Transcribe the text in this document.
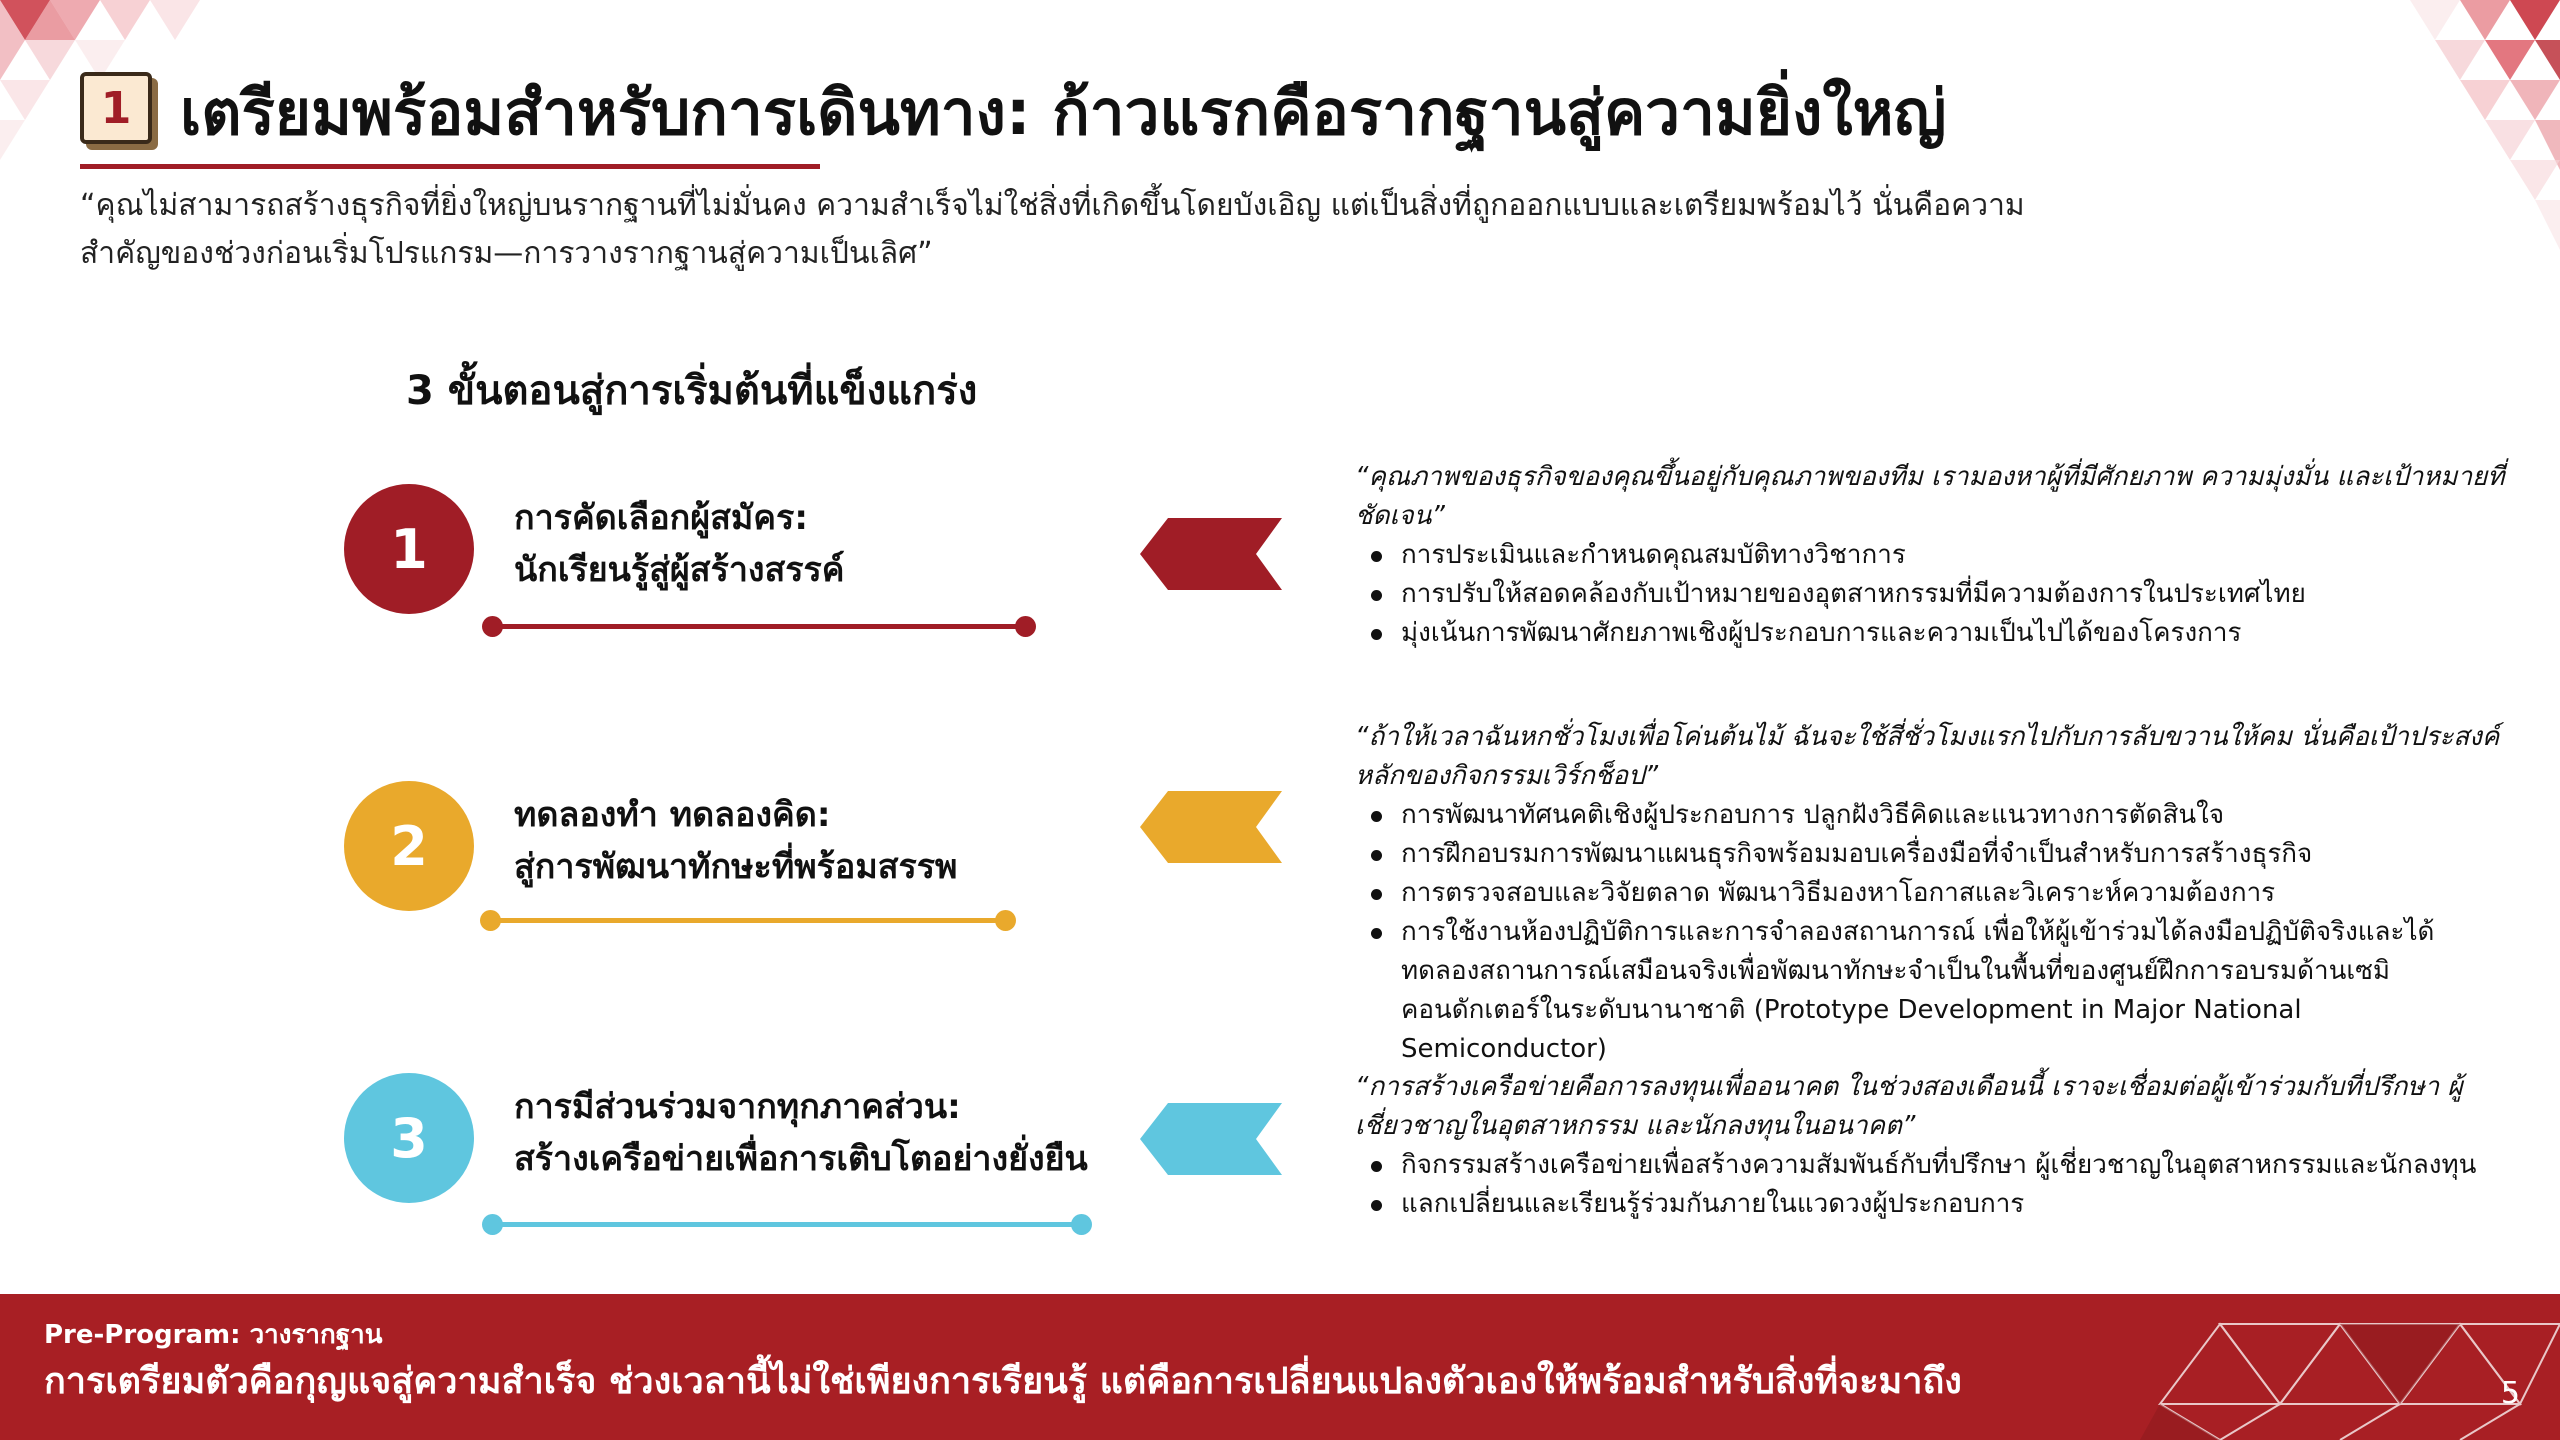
1 เตรียมพร้อมสำหรับการเดินทาง: ก้าวแรกคือรากฐานสู่ความยิ่งใหญ่

“คุณไม่สามารถสร้างธุรกิจที่ยิ่งใหญ่บนรากฐานที่ไม่มั่นคง ความสำเร็จไม่ใช่สิ่งที่เกิดขึ้นโดยบังเอิญ แต่เป็นสิ่งที่ถูกออกแบบและเตรียมพร้อมไว้ นั่นคือความสำคัญของช่วงก่อนเริ่มโปรแกรม—การวางรากฐานสู่ความเป็นเลิศ”

3 ขั้นตอนสู่การเริ่มต้นที่แข็งแกร่ง
1	การคัดเลือกผู้สมัคร:
นักเรียนรู้สู่ผู้สร้างสรรค์

“คุณภาพของธุรกิจของคุณขึ้นอยู่กับคุณภาพของทีม เรามองหาผู้ที่มีศักยภาพ ความมุ่งมั่น และเป้าหมายที่ชัดเจน”

การประเมินและกำหนดคุณสมบัติทางวิชาการ
การปรับให้สอดคล้องกับเป้าหมายของอุตสาหกรรมที่มีความต้องการในประเทศไทย
มุ่งเน้นการพัฒนาศักยภาพเชิงผู้ประกอบการและความเป็นไปได้ของโครงการ
2	ทดลองทำ ทดลองคิด:
สู่การพัฒนาทักษะที่พร้อมสรรพ

“ถ้าให้เวลาฉันหกชั่วโมงเพื่อโค่นต้นไม้ ฉันจะใช้สี่ชั่วโมงแรกไปกับการลับขวานให้คม นั่นคือเป้าประสงค์หลักของกิจกรรมเวิร์กช็อป”

การพัฒนาทัศนคติเชิงผู้ประกอบการ ปลูกฝังวิธีคิดและแนวทางการตัดสินใจ
การฝึกอบรมการพัฒนาแผนธุรกิจพร้อมมอบเครื่องมือที่จำเป็นสำหรับการสร้างธุรกิจ
การตรวจสอบและวิจัยตลาด พัฒนาวิธีมองหาโอกาสและวิเคราะห์ความต้องการ
การใช้งานห้องปฏิบัติการและการจำลองสถานการณ์ เพื่อให้ผู้เข้าร่วมได้ลงมือปฏิบัติจริงและได้ทดลองสถานการณ์เสมือนจริงเพื่อพัฒนาทักษะจำเป็นในพื้นที่ของศูนย์ฝึกการอบรมด้านเซมิคอนดักเตอร์ในระดับนานาชาติ (Prototype Development in Major National Semiconductor)
3	การมีส่วนร่วมจากทุกภาคส่วน:
สร้างเครือข่ายเพื่อการเติบโตอย่างยั่งยืน

“การสร้างเครือข่ายคือการลงทุนเพื่ออนาคต ในช่วงสองเดือนนี้ เราจะเชื่อมต่อผู้เข้าร่วมกับที่ปรึกษา ผู้เชี่ยวชาญในอุตสาหกรรม และนักลงทุนในอนาคต”

กิจกรรมสร้างเครือข่ายเพื่อสร้างความสัมพันธ์กับที่ปรึกษา ผู้เชี่ยวชาญในอุตสาหกรรมและนักลงทุน
แลกเปลี่ยนและเรียนรู้ร่วมกันภายในแวดวงผู้ประกอบการ

Pre-Program: วางรากฐาน

การเตรียมตัวคือกุญแจสู่ความสำเร็จ ช่วงเวลานี้ไม่ใช่เพียงการเรียนรู้ แต่คือการเปลี่ยนแปลงตัวเองให้พร้อมสำหรับสิ่งที่จะมาถึง	5
